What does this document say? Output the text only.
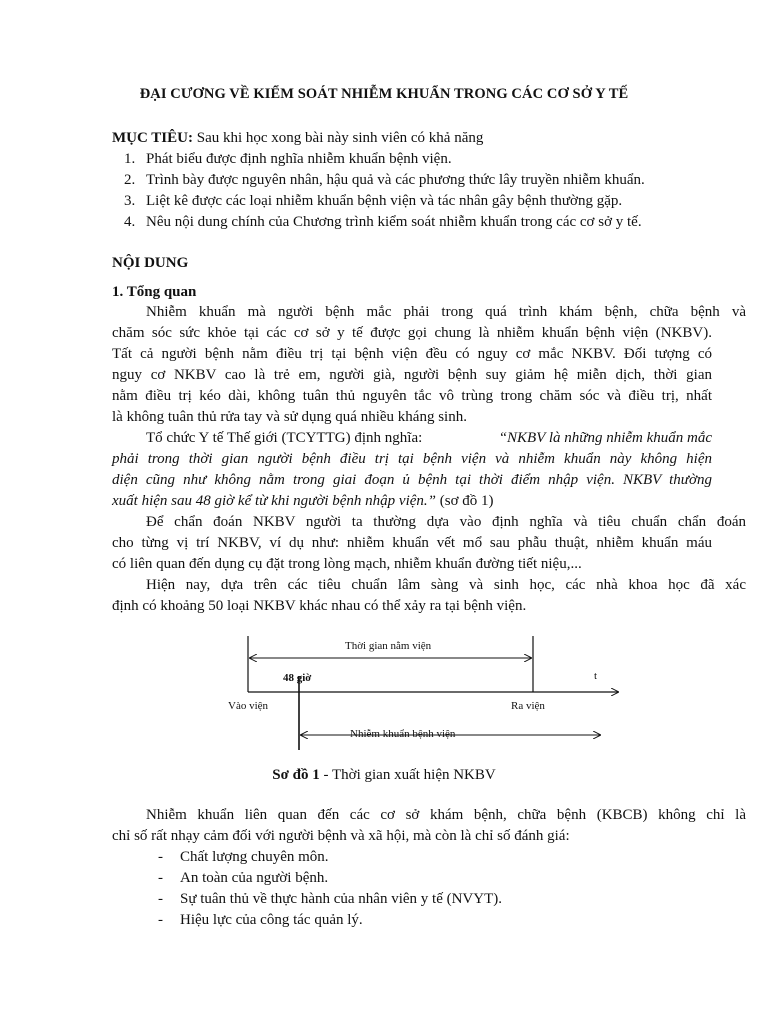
ĐẠI CƯƠNG VỀ KIỂM SOÁT NHIỄM KHUẨN TRONG CÁC CƠ SỞ Y TẾ
MỤC TIÊU: Sau khi học xong bài này sinh viên có khả năng
1. Phát biểu được định nghĩa nhiễm khuẩn bệnh viện.
2. Trình bày được nguyên nhân, hậu quả và các phương thức lây truyền nhiễm khuẩn.
3. Liệt kê được các loại nhiễm khuẩn bệnh viện và tác nhân gây bệnh thường gặp.
4. Nêu nội dung chính của Chương trình kiểm soát nhiễm khuẩn trong các cơ sở y tế.
NỘI DUNG
1. Tổng quan
Nhiễm khuẩn mà người bệnh mắc phải trong quá trình khám bệnh, chữa bệnh và
chăm sóc sức khỏe tại các cơ sở y tế được gọi chung là nhiễm khuẩn bệnh viện (NKBV).
Tất cả người bệnh nằm điều trị tại bệnh viện đều có nguy cơ mắc NKBV. Đối tượng có
nguy cơ NKBV cao là trẻ em, người già, người bệnh suy giảm hệ miễn dịch, thời gian
nằm điều trị kéo dài, không tuân thủ nguyên tắc vô trùng trong chăm sóc và điều trị, nhất
là không tuân thủ rửa tay và sử dụng quá nhiều kháng sinh.
Tổ chức Y tế Thế giới (TCYTTG) định nghĩa:	“NKBV là những nhiễm khuẩn mắc
phải trong thời gian người bệnh điều trị tại bệnh viện và nhiễm khuẩn này không hiện
diện cũng như không nằm trong giai đoạn ủ bệnh tại thời điểm nhập viện. NKBV thường
xuất hiện sau 48 giờ kể từ khi người bệnh nhập viện.” (sơ đồ 1)
Để chẩn đoán NKBV người ta thường dựa vào định nghĩa và tiêu chuẩn chẩn đoán
cho từng vị trí NKBV, ví dụ như: nhiễm khuẩn vết mổ sau phẫu thuật, nhiễm khuẩn máu
có liên quan đến dụng cụ đặt trong lòng mạch, nhiễm khuẩn đường tiết niệu,...
Hiện nay, dựa trên các tiêu chuẩn lâm sàng và sinh học, các nhà khoa học đã xác
định có khoảng 50 loại NKBV khác nhau có thể xảy ra tại bệnh viện.
Thời gian nằm viện
t
48 giờ
Vào viện	Ra viện
Nhiễm khuẩn bệnh viện
Sơ đồ 1 - Thời gian xuất hiện NKBV
Nhiễm khuẩn liên quan đến các cơ sở khám bệnh, chữa bệnh (KBCB) không chỉ là
chỉ số rất nhạy cảm đối với người bệnh và xã hội, mà còn là chỉ số đánh giá:
- Chất lượng chuyên môn.
- An toàn của người bệnh.
- Sự tuân thủ về thực hành của nhân viên y tế (NVYT).
- Hiệu lực của công tác quản lý.
